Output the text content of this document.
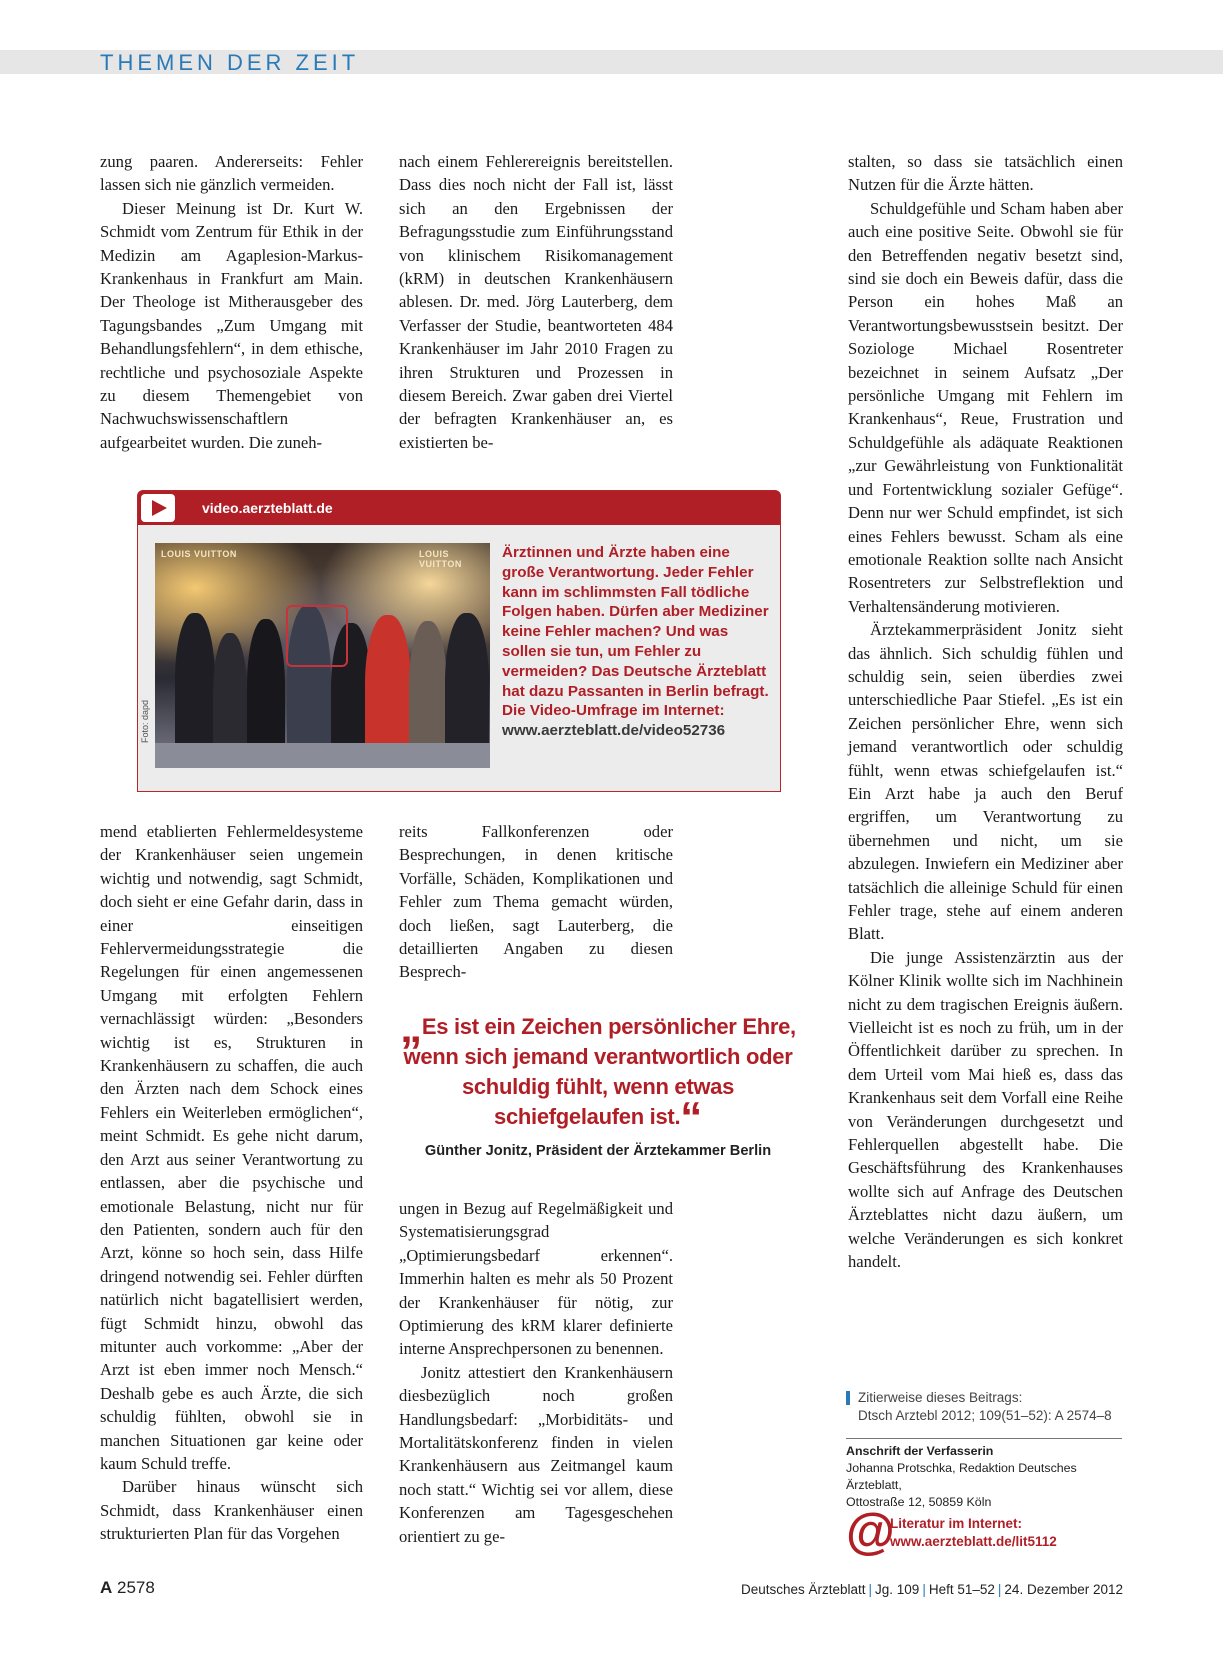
THEMEN DER ZEIT

zung paaren. Andererseits: Fehler lassen sich nie gänzlich vermeiden.

Dieser Meinung ist Dr. Kurt W. Schmidt vom Zentrum für Ethik in der Medizin am Agaplesion-Markus-Krankenhaus in Frankfurt am Main. Der Theologe ist Mitherausgeber des Tagungsbandes „Zum Umgang mit Behandlungsfehlern“, in dem ethische, rechtliche und psychosoziale Aspekte zu diesem Themengebiet von Nachwuchswissenschaftlern aufgearbeitet wurden. Die zuneh-

nach einem Fehlerereignis bereitstellen. Dass dies noch nicht der Fall ist, lässt sich an den Ergebnissen der Befragungsstudie zum Einführungsstand von klinischem Risikomanagement (kRM) in deutschen Krankenhäusern ablesen. Dr. med. Jörg Lauterberg, dem Verfasser der Studie, beantworteten 484 Krankenhäuser im Jahr 2010 Fragen zu ihren Strukturen und Prozessen in diesem Bereich. Zwar gaben drei Viertel der befragten Krankenhäuser an, es existierten be-

stalten, so dass sie tatsächlich einen Nutzen für die Ärzte hätten.

Schuldgefühle und Scham haben aber auch eine positive Seite. Obwohl sie für den Betreffenden negativ besetzt sind, sind sie doch ein Beweis dafür, dass die Person ein hohes Maß an Verantwortungsbewusstsein besitzt. Der Soziologe Michael Rosentreter bezeichnet in seinem Aufsatz „Der persönliche Umgang mit Fehlern im Krankenhaus“, Reue, Frustration und Schuldgefühle als adäquate Reaktionen „zur Gewährleistung von Funktionalität und Fortentwicklung sozialer Gefüge“. Denn nur wer Schuld empfindet, ist sich eines Fehlers bewusst. Scham als eine emotionale Reaktion sollte nach Ansicht Rosentreters zur Selbstreflektion und Verhaltensänderung motivieren.

Ärztekammerpräsident Jonitz sieht das ähnlich. Sich schuldig fühlen und schuldig sein, seien überdies zwei unterschiedliche Paar Stiefel. „Es ist ein Zeichen persönlicher Ehre, wenn sich jemand verantwortlich oder schuldig fühlt, wenn etwas schiefgelaufen ist.“ Ein Arzt habe ja auch den Beruf ergriffen, um Verantwortung zu übernehmen und nicht, um sie abzulegen. Inwiefern ein Mediziner aber tatsächlich die alleinige Schuld für einen Fehler trage, stehe auf einem anderen Blatt.

Die junge Assistenzärztin aus der Kölner Klinik wollte sich im Nachhinein nicht zu dem tragischen Ereignis äußern. Vielleicht ist es noch zu früh, um in der Öffentlichkeit darüber zu sprechen. In dem Urteil vom Mai hieß es, dass das Krankenhaus seit dem Vorfall eine Reihe von Veränderungen durchgesetzt und Fehlerquellen abgestellt habe. Die Geschäftsführung des Krankenhauses wollte sich auf Anfrage des Deutschen Ärzteblattes nicht dazu äußern, um welche Veränderungen es sich konkret handelt.

video.aerzteblatt.de
LOUIS VUITTON	LOUIS VUITTON
Ärztinnen und Ärzte haben eine große Verantwortung. Jeder Fehler kann im schlimmsten Fall tödliche Folgen haben. Dürfen aber Mediziner keine Fehler machen? Und was sollen sie tun, um Fehler zu vermeiden? Das Deutsche Ärzteblatt hat dazu Passanten in Berlin befragt.
Die Video-Umfrage im Internet:
www.aerzteblatt.de/video52736

mend etablierten Fehlermeldesysteme der Krankenhäuser seien ungemein wichtig und notwendig, sagt Schmidt, doch sieht er eine Gefahr darin, dass in einer einseitigen Fehlervermeidungsstrategie die Regelungen für einen angemessenen Umgang mit erfolgten Fehlern vernachlässigt würden: „Besonders wichtig ist es, Strukturen in Krankenhäusern zu schaffen, die auch den Ärzten nach dem Schock eines Fehlers ein Weiterleben ermöglichen“, meint Schmidt. Es gehe nicht darum, den Arzt aus seiner Verantwortung zu entlassen, aber die psychische und emotionale Belastung, nicht nur für den Patienten, sondern auch für den Arzt, könne so hoch sein, dass Hilfe dringend notwendig sei. Fehler dürften natürlich nicht bagatellisiert werden, fügt Schmidt hinzu, obwohl das mitunter auch vorkomme: „Aber der Arzt ist eben immer noch Mensch.“ Deshalb gebe es auch Ärzte, die sich schuldig fühlten, obwohl sie in manchen Situationen gar keine oder kaum Schuld treffe.

Darüber hinaus wünscht sich Schmidt, dass Krankenhäuser einen strukturierten Plan für das Vorgehen

reits Fallkonferenzen oder Besprechungen, in denen kritische Vorfälle, Schäden, Komplikationen und Fehler zum Thema gemacht würden, doch ließen, sagt Lauterberg, die detaillierten Angaben zu diesen Besprech-

„Es ist ein Zeichen persönlicher Ehre, wenn sich jemand verantwortlich oder schuldig fühlt, wenn etwas schiefgelaufen ist.“
Günther Jonitz, Präsident der Ärztekammer Berlin

ungen in Bezug auf Regelmäßigkeit und Systematisierungsgrad „Optimierungsbedarf erkennen“. Immerhin halten es mehr als 50 Prozent der Krankenhäuser für nötig, zur Optimierung des kRM klarer definierte interne Ansprechpersonen zu benennen.

Jonitz attestiert den Krankenhäusern diesbezüglich noch großen Handlungsbedarf: „Morbiditäts- und Mortalitätskonferenz finden in vielen Krankenhäusern aus Zeitmangel kaum noch statt.“ Wichtig sei vor allem, diese Konferenzen am Tagesgeschehen orientiert zu ge-

Zitierweise dieses Beitrags:
Dtsch Arztebl 2012; 109(51–52): A 2574–8
Anschrift der Verfasserin
Johanna Protschka, Redaktion Deutsches Ärzteblatt,
Ottostraße 12, 50859 Köln
@
Literatur im Internet:
www.aerzteblatt.de/lit5112
A 2578	Deutsches Ärzteblatt | Jg. 109 | Heft 51–52 | 24. Dezember 2012
